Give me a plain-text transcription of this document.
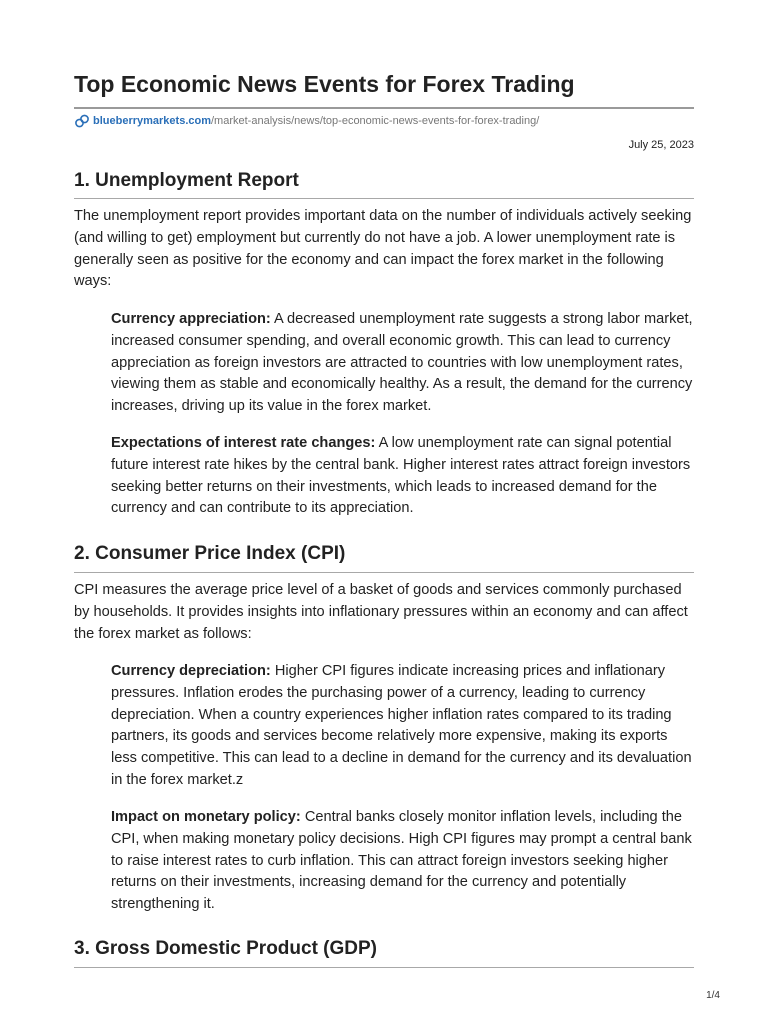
Top Economic News Events for Forex Trading
blueberrymarkets.com /market-analysis/news/top-economic-news-events-for-forex-trading/
July 25, 2023
1. Unemployment Report

The unemployment report provides important data on the number of individuals actively seeking (and willing to get) employment but currently do not have a job. A lower unemployment rate is generally seen as positive for the economy and can impact the forex market in the following ways:

Currency appreciation: A decreased unemployment rate suggests a strong labor market, increased consumer spending, and overall economic growth. This can lead to currency appreciation as foreign investors are attracted to countries with low unemployment rates, viewing them as stable and economically healthy. As a result, the demand for the currency increases, driving up its value in the forex market.

Expectations of interest rate changes: A low unemployment rate can signal potential future interest rate hikes by the central bank. Higher interest rates attract foreign investors seeking better returns on their investments, which leads to increased demand for the currency and can contribute to its appreciation.

2. Consumer Price Index (CPI)

CPI measures the average price level of a basket of goods and services commonly purchased by households. It provides insights into inflationary pressures within an economy and can affect the forex market as follows:

Currency depreciation: Higher CPI figures indicate increasing prices and inflationary pressures. Inflation erodes the purchasing power of a currency, leading to currency depreciation. When a country experiences higher inflation rates compared to its trading partners, its goods and services become relatively more expensive, making its exports less competitive. This can lead to a decline in demand for the currency and its devaluation in the forex market.z

Impact on monetary policy: Central banks closely monitor inflation levels, including the CPI, when making monetary policy decisions. High CPI figures may prompt a central bank to raise interest rates to curb inflation. This can attract foreign investors seeking higher returns on their investments, increasing demand for the currency and potentially strengthening it.

3. Gross Domestic Product (GDP)
1/4
